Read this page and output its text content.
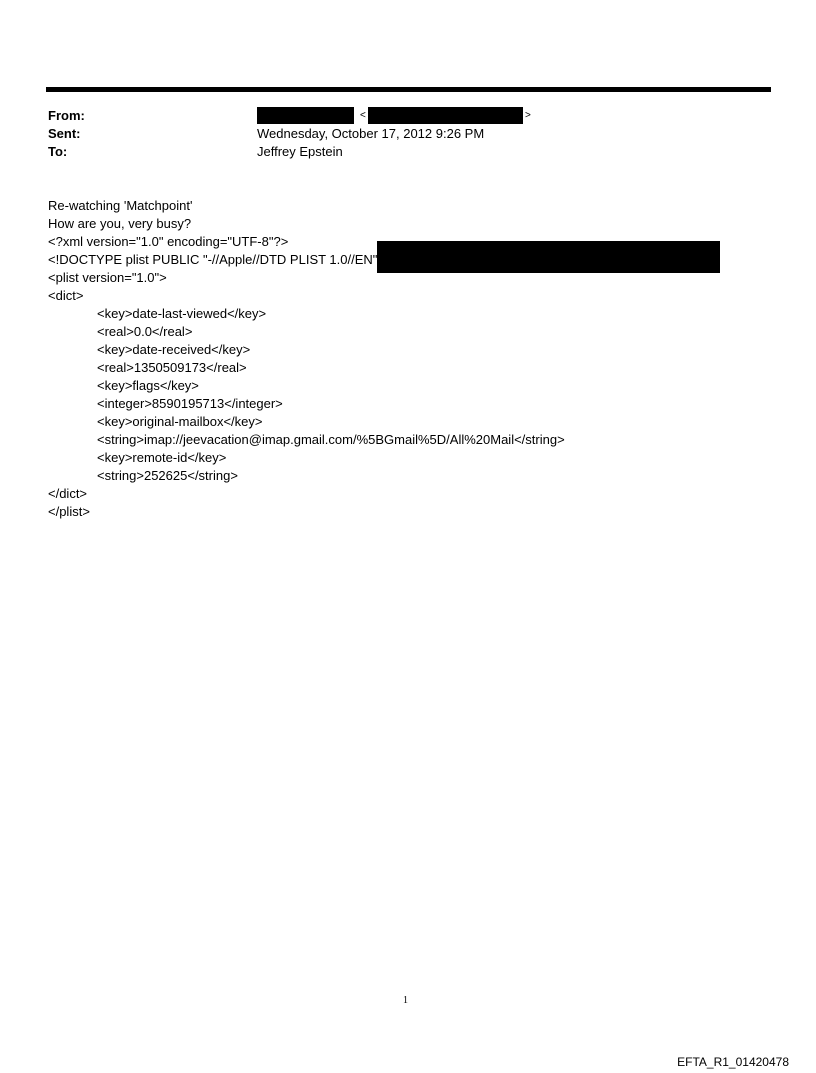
From:	<	>
Sent:	Wednesday, October 17, 2012 9:26 PM
To:	Jeffrey Epstein
Re-watching 'Matchpoint'
How are you, very busy?
<?xml version="1.0" encoding="UTF-8"?>
<!DOCTYPE plist PUBLIC "-//Apple//DTD PLIST 1.0//EN"
<plist version="1.0">
<dict>
<key>date-last-viewed</key>
<real>0.0</real>
<key>date-received</key>
<real>1350509173</real>
<key>flags</key>
<integer>8590195713</integer>
<key>original-mailbox</key>
<string>imap://jeevacation@imap.gmail.com/%5BGmail%5D/All%20Mail</string>
<key>remote-id</key>
<string>252625</string>
</dict>
</plist>
1
EFTA_R1_01420478
